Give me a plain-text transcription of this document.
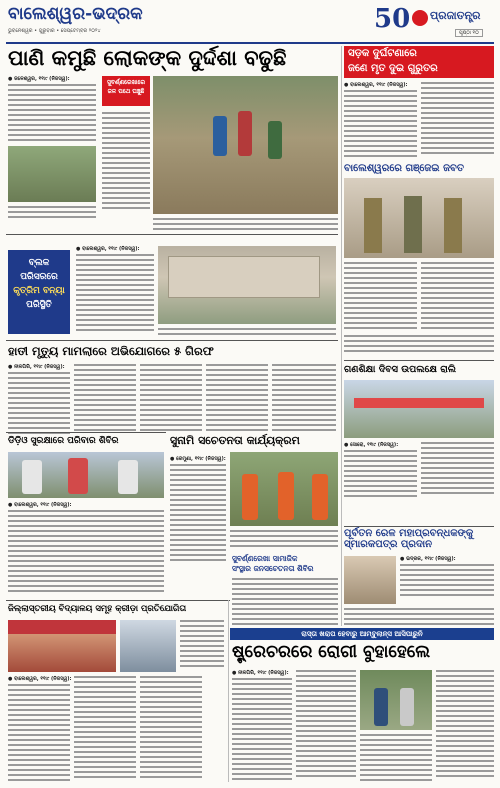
ବାଲେଶ୍ୱର-ଭଦ୍ରକ
ଭୁବନେଶ୍ୱର • ଗୁରୁବାର • ସେପ୍ଟେମ୍ବର ୨୦୨୪	50 ପ୍ରଜାତନ୍ତ୍ର
ପୃଷ୍ଠା ୧୦
ପାଣି କମୁଛି ଲୋକଙ୍କ ଦୁର୍ଦ୍ଦଶା ବଢୁଛି
● ଜଳେଶ୍ୱର, ୧୧ା୯ (ନିଜସ୍ୱ):	ସୁବର୍ଣ୍ଣରେଖାରେ ଜଳ ପଥେ ଘଞ୍ଚୁଛି
ସଡ଼କ ଦୁର୍ଘଟଣାରେ
ଜଣେ ମୃତ ଦୁଇ ଗୁରୁତର
● ବାଲେଶ୍ୱର, ୧୧ା୯ (ନିଜସ୍ୱ):
ବାଲେଶ୍ୱରରେ ଗଞ୍ଜେଇ ଜବତ
ବ୍ଲକ
ପରିସରରେ
କୃତ୍ରିମ ବନ୍ୟା
ପରିସ୍ଥିତି
● ବାଲେଶ୍ୱର, ୧୧ା୯ (ନିଜସ୍ୱ):
ହାତୀ ମୃତ୍ୟୁ ମାମଲାରେ ଅଭିଯୋଗରେ ୫ ଗିରଫ
● ନୀଳଗିରି, ୧୧ା୯ (ନିଜସ୍ୱ):	ଗଣଶିକ୍ଷା ଦିବସ ଉପଲକ୍ଷେ ରାଲି
● ସୋରୋ, ୧୧ା୯ (ନିଜସ୍ୱ):
ଡିଡ଼ିଓ ସୁରକ୍ଷାରେ ପରିବାର ଶିବିର
● ବାଲେଶ୍ୱର, ୧୧ା୯ (ନିଜସ୍ୱ):
ସୁନାମି ସଚେତନତା କାର୍ଯ୍ୟକ୍ରମ
● ରେମୁଣା, ୧୧ା୯ (ନିଜସ୍ୱ):
ସୁବର୍ଣ୍ଣରେଖା ସାମାଜିକ
ସଂସ୍ଥାର ଜନସଚେତନତା ଶିବିର
ପୂର୍ବତନ ରେଳ ମହାପ୍ରବନ୍ଧକଙ୍କୁ
ସ୍ମାରକପତ୍ର ପ୍ରଦାନ
● ଭଦ୍ରକ, ୧୧ା୯ (ନିଜସ୍ୱ):
ଜିଲ୍ଲାସ୍ତରୀୟ ବିଦ୍ୟାଳୟ ସମୂହ କ୍ରୀଡ଼ା ପ୍ରତିଯୋଗିତା
● ବାଲେଶ୍ୱର, ୧୧ା୯ (ନିଜସ୍ୱ):
ରାସ୍ତା ଖରାପ ହେବାରୁ ଆମ୍ବୁଲାନ୍ସ ଆସିପାରୁନି
ଷ୍ଟ୍ରେଚରରେ ରୋଗୀ ବୁହାହେଲେ
● ନୀଳଗିରି, ୧୧ା୯ (ନିଜସ୍ୱ):
